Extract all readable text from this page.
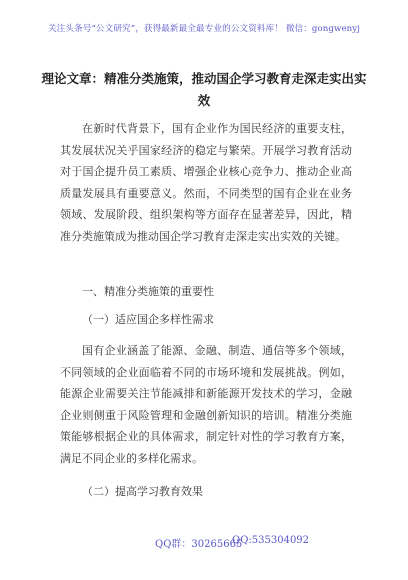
关注头条号“公文研究”，获得最新最全最专业的公文资料库！ 微信：gongwenyj
理论文章：精准分类施策，推动国企学习教育走深走实出实效

在新时代背景下，国有企业作为国民经济的重要支柱，其发展状况关乎国家经济的稳定与繁荣。开展学习教育活动对于国企提升员工素质、增强企业核心竞争力、推动企业高质量发展具有重要意义。然而，不同类型的国有企业在业务领域、发展阶段、组织架构等方面存在显著差异，因此，精准分类施策成为推动国企学习教育走深走实出实效的关键。

一、精准分类施策的重要性
（一）适应国企多样性需求

国有企业涵盖了能源、金融、制造、通信等多个领域，不同领域的企业面临着不同的市场环境和发展挑战。例如，能源企业需要关注节能减排和新能源开发技术的学习，金融企业则侧重于风险管理和金融创新知识的培训。精准分类施策能够根据企业的具体需求，制定针对性的学习教育方案，满足不同企业的多样化需求。

（二）提高学习教育效果
QQ群：30265665
QQ:535304092
